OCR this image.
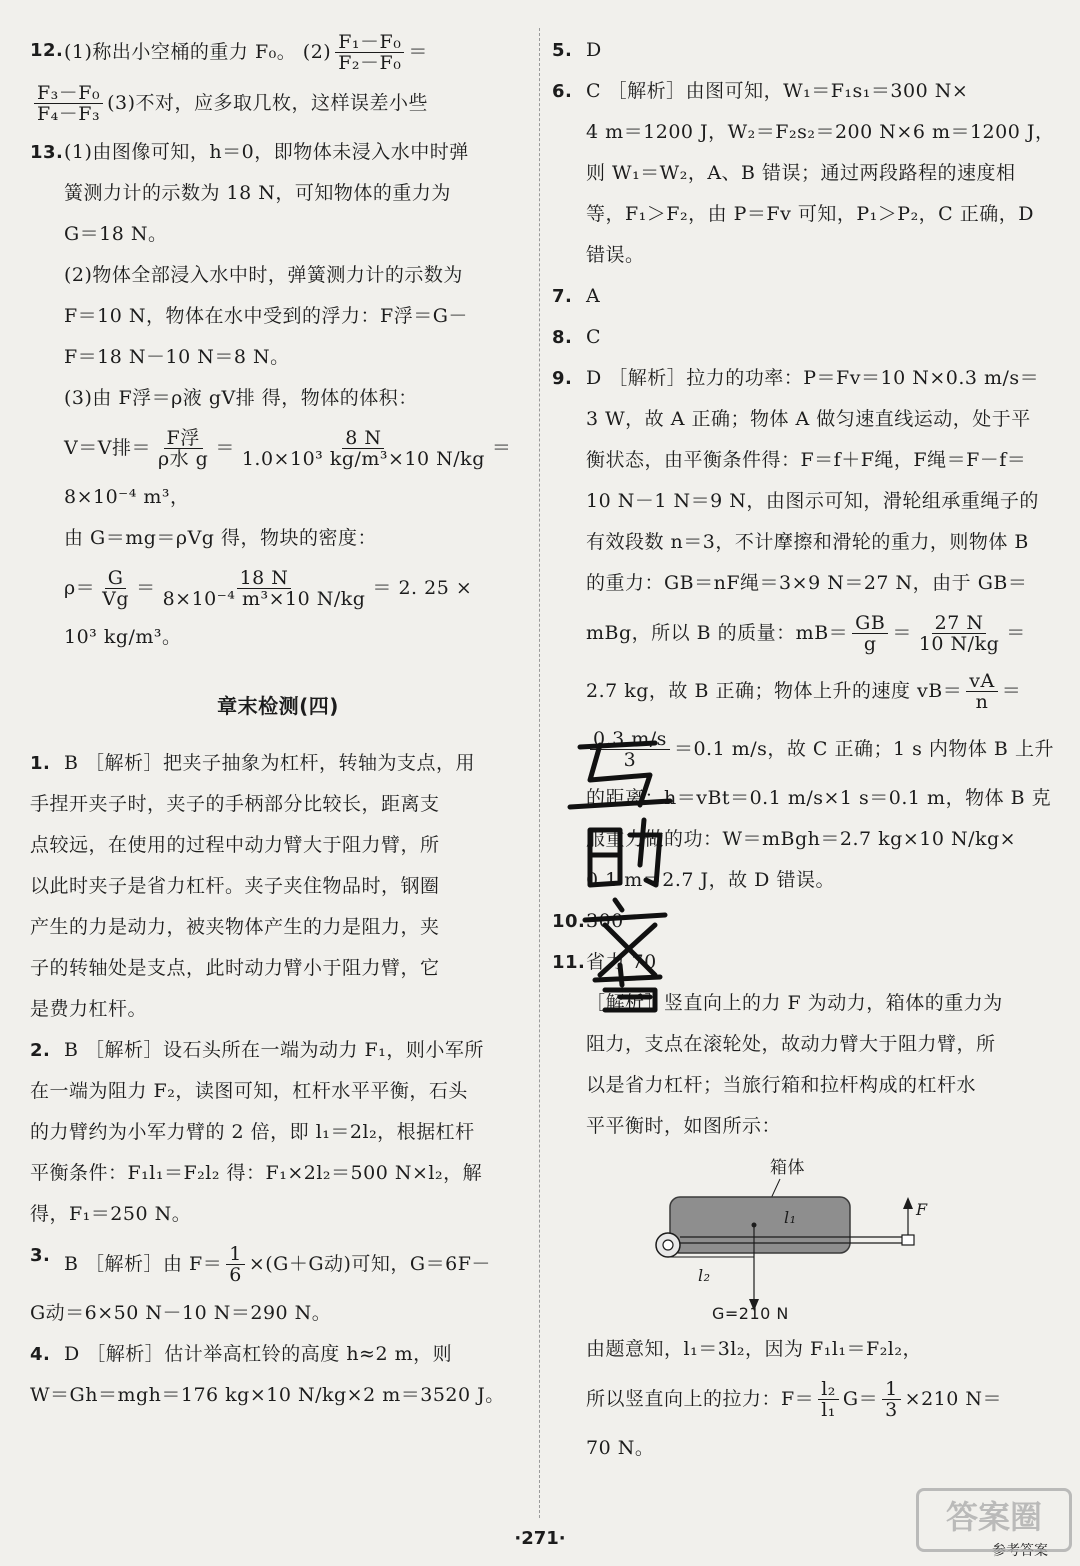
12. (1)称出小空桶的重力 F₀。 $(2) \frac{\text{F₁－F₀}}{\text{F₂－F₀}}$ ＝
$\frac{\text{F₃－F₀}}{\text{F₄－F₃}} (3)$不对，应多取几枚，这样误差小些
13. (1)由图像可知，h＝0，即物体未浸入水中时弹
簧测力计的示数为 18 N，可知物体的重力为
G＝18 N。
(2)物体全部浸入水中时，弹簧测力计的示数为
F＝10 N，物体在水中受到的浮力：F浮＝G－
F＝18 N－10 N＝8 N。
(3)由 F浮＝ρ液 gV排 得，物体的体积：
V＝V排＝ $\frac{\text{F浮}}{\text{ρ水 g}} = \frac{8 N}{\text{1.0×10³ kg/m³×10 N/kg}}$ ＝
8×10⁻⁴ m³，
由 G＝mg＝ρVg 得，物块的密度：
$\rho= \frac{G}{Vg} = \frac{18 N}{\text{8×10⁻⁴ m³×10 N/kg}} = 2$. 25 ×
10³ kg/m³。
章末检测(四)
1. B ［解析］把夹子抽象为杠杆，转轴为支点，用
手捏开夹子时，夹子的手柄部分比较长，距离支
点较远，在使用的过程中动力臂大于阻力臂，所
以此时夹子是省力杠杆。夹子夹住物品时，钢圈
产生的力是动力，被夹物体产生的力是阻力，夹
子的转轴处是支点，此时动力臂小于阻力臂，它
是费力杠杆。
2. B ［解析］设石头所在一端为动力 F₁，则小军所
在一端为阻力 F₂，读图可知，杠杆水平平衡，石头
的力臂约为小军力臂的 2 倍，即 l₁＝2l₂，根据杠杆
平衡条件：F₁l₁＝F₂l₂ 得：F₁×2l₂＝500 N×l₂，解
得，F₁＝250 N。
3. B ［解析］由 $F= \frac{1}{6} \times(G+G$动)可知，G＝6F－
G动＝6×50 N－10 N＝290 N。
4. D ［解析］估计举高杠铃的高度 h≈2 m，则
W＝Gh＝mgh＝176 kg×10 N/kg×2 m＝3520 J。
5. D
6. C ［解析］由图可知，W₁＝F₁s₁＝300 N×
4 m＝1200 J，W₂＝F₂s₂＝200 N×6 m＝1200 J，
则 W₁＝W₂，A、B 错误；通过两段路程的速度相
等，F₁＞F₂，由 P＝Fv 可知，P₁＞P₂，C 正确，D
错误。
7. A
8. C
9. D ［解析］拉力的功率：P＝Fv＝10 N×0.3 m/s＝
3 W，故 A 正确；物体 A 做匀速直线运动，处于平
衡状态，由平衡条件得：F＝f＋F绳，F绳＝F－f＝
10 N－1 N＝9 N，由图示可知，滑轮组承重绳子的
有效段数 n＝3，不计摩擦和滑轮的重力，则物体 B
的重力：GB＝nF绳＝3×9 N＝27 N，由于 GB＝
mBg，所以 B 的质量：$mB= \frac{GB}{g} = \frac{27 N}{10 N/kg}$ ＝
2.7 kg，故 B 正确；物体上升的速度 $vB= \frac{vA}{n}$ ＝
$\frac{0.3 m/s}{3} =0.1$ m/s，故 C 正确；1 s 内物体 B 上升
的距离：h＝vBt＝0.1 m/s×1 s＝0.1 m，物体 B 克
服重力做的功：W＝mBgh＝2.7 kg×10 N/kg×
0.1 m＝2.7 J，故 D 错误。
10. 300
11. 省力 70
［解析］竖直向上的力 F 为动力，箱体的重力为
阻力，支点在滚轮处，故动力臂大于阻力臂，所
以是省力杠杆；当旅行箱和拉杆构成的杠杆水
平平衡时，如图所示：
箱体
F
l₁
l₂
G=210 N
由题意知，l₁＝3l₂，因为 F₁l₁＝F₂l₂，
所以竖直向上的拉力：$F= \frac{\text{l₂}}{\text{l₁}} G= \frac{1}{3} \times 210$ N＝
70 N。
·271·
参考答案
答案圈
